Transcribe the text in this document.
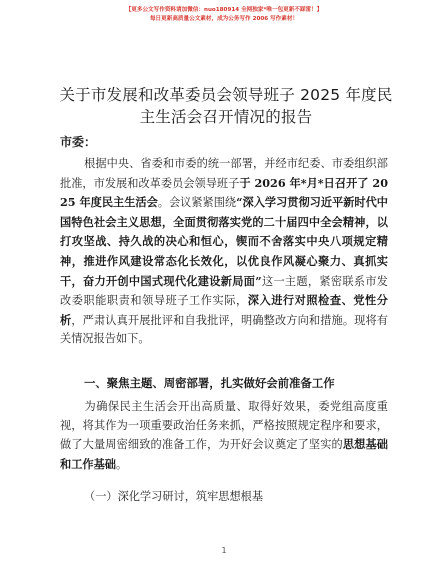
【更多公文写作资料请加微信：nuo180914 全网独家*唯一包更新不踩雷！】
每日更新高质量公文素材，成为公务写作 2006 写作素材！
关于市发展和改革委员会领导班子 2025 年度民主生活会召开情况的报告
市委：
根据中央、省委和市委的统一部署，并经市纪委、市委组织部批准，市发展和改革委员会领导班子于 2026 年*月*日召开了 2025 年度民主生活会。会议紧紧围绕“深入学习贯彻习近平新时代中国特色社会主义思想，全面贯彻落实党的二十届四中全会精神，以打攻坚战、持久战的决心和恒心，锲而不舍落实中央八项规定精神，推进作风建设常态化长效化，以优良作风凝心聚力、真抓实干，奋力开创中国式现代化建设新局面”这一主题，紧密联系市发改委职能职责和领导班子工作实际，深入进行对照检查、党性分析，严肃认真开展批评和自我批评，明确整改方向和措施。现将有关情况报告如下。
一、聚焦主题、周密部署，扎实做好会前准备工作
为确保民主生活会开出高质量、取得好效果，委党组高度重视，将其作为一项重要政治任务来抓，严格按照规定程序和要求，做了大量周密细致的准备工作，为开好会议奠定了坚实的思想基础和工作基础。
（一）深化学习研讨，筑牢思想根基
1
